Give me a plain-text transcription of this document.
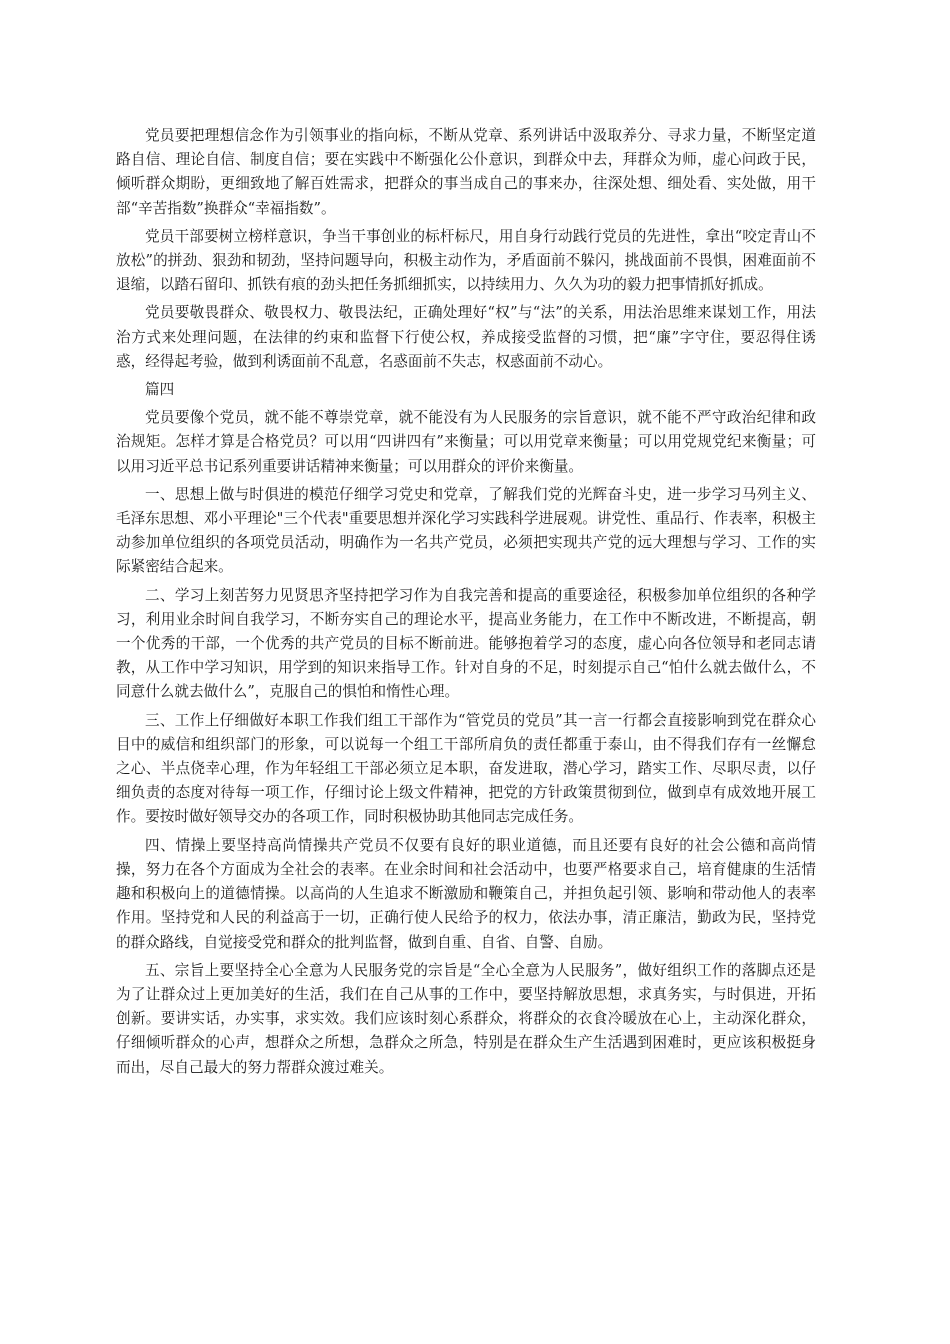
党员要把理想信念作为引领事业的指向标，不断从党章、系列讲话中汲取养分、寻求力量，不断坚定道路自信、理论自信、制度自信；要在实践中不断强化公仆意识，到群众中去，拜群众为师，虚心问政于民，倾听群众期盼，更细致地了解百姓需求，把群众的事当成自己的事来办，往深处想、细处看、实处做，用干部“辛苦指数”换群众“幸福指数”。

党员干部要树立榜样意识，争当干事创业的标杆标尺，用自身行动践行党员的先进性，拿出“咬定青山不放松”的拼劲、狠劲和韧劲，坚持问题导向，积极主动作为，矛盾面前不躲闪，挑战面前不畏惧，困难面前不退缩，以踏石留印、抓铁有痕的劲头把任务抓细抓实，以持续用力、久久为功的毅力把事情抓好抓成。

党员要敬畏群众、敬畏权力、敬畏法纪，正确处理好“权”与“法”的关系，用法治思维来谋划工作，用法治方式来处理问题，在法律的约束和监督下行使公权，养成接受监督的习惯，把“廉”字守住，要忍得住诱惑，经得起考验，做到利诱面前不乱意，名惑面前不失志，权惑面前不动心。

篇四

党员要像个党员，就不能不尊崇党章，就不能没有为人民服务的宗旨意识，就不能不严守政治纪律和政治规矩。怎样才算是合格党员？可以用“四讲四有”来衡量；可以用党章来衡量；可以用党规党纪来衡量；可以用习近平总书记系列重要讲话精神来衡量；可以用群众的评价来衡量。

一、思想上做与时俱进的模范仔细学习党史和党章，了解我们党的光辉奋斗史，进一步学习马列主义、毛泽东思想、邓小平理论"三个代表"重要思想并深化学习实践科学进展观。讲党性、重品行、作表率，积极主动参加单位组织的各项党员活动，明确作为一名共产党员，必须把实现共产党的远大理想与学习、工作的实际紧密结合起来。

二、学习上刻苦努力见贤思齐坚持把学习作为自我完善和提高的重要途径，积极参加单位组织的各种学习，利用业余时间自我学习，不断夯实自己的理论水平，提高业务能力，在工作中不断改进，不断提高，朝一个优秀的干部，一个优秀的共产党员的目标不断前进。能够抱着学习的态度，虚心向各位领导和老同志请教，从工作中学习知识，用学到的知识来指导工作。针对自身的不足，时刻提示自己“怕什么就去做什么，不同意什么就去做什么”，克服自己的惧怕和惰性心理。

三、工作上仔细做好本职工作我们组工干部作为“管党员的党员”其一言一行都会直接影响到党在群众心目中的威信和组织部门的形象，可以说每一个组工干部所肩负的责任都重于泰山，由不得我们存有一丝懈怠之心、半点侥幸心理，作为年轻组工干部必须立足本职，奋发进取，潜心学习，踏实工作、尽职尽责，以仔细负责的态度对待每一项工作，仔细讨论上级文件精神，把党的方针政策贯彻到位，做到卓有成效地开展工作。要按时做好领导交办的各项工作，同时积极协助其他同志完成任务。

四、情操上要坚持高尚情操共产党员不仅要有良好的职业道德，而且还要有良好的社会公德和高尚情操，努力在各个方面成为全社会的表率。在业余时间和社会活动中，也要严格要求自己，培育健康的生活情趣和积极向上的道德情操。以高尚的人生追求不断激励和鞭策自己，并担负起引领、影响和带动他人的表率作用。坚持党和人民的利益高于一切，正确行使人民给予的权力，依法办事，清正廉洁，勤政为民，坚持党的群众路线，自觉接受党和群众的批判监督，做到自重、自省、自警、自励。

五、宗旨上要坚持全心全意为人民服务党的宗旨是“全心全意为人民服务”，做好组织工作的落脚点还是为了让群众过上更加美好的生活，我们在自己从事的工作中，要坚持解放思想，求真务实，与时俱进，开拓创新。要讲实话，办实事，求实效。我们应该时刻心系群众，将群众的衣食冷暖放在心上，主动深化群众，仔细倾听群众的心声，想群众之所想，急群众之所急，特别是在群众生产生活遇到困难时，更应该积极挺身而出，尽自己最大的努力帮群众渡过难关。
